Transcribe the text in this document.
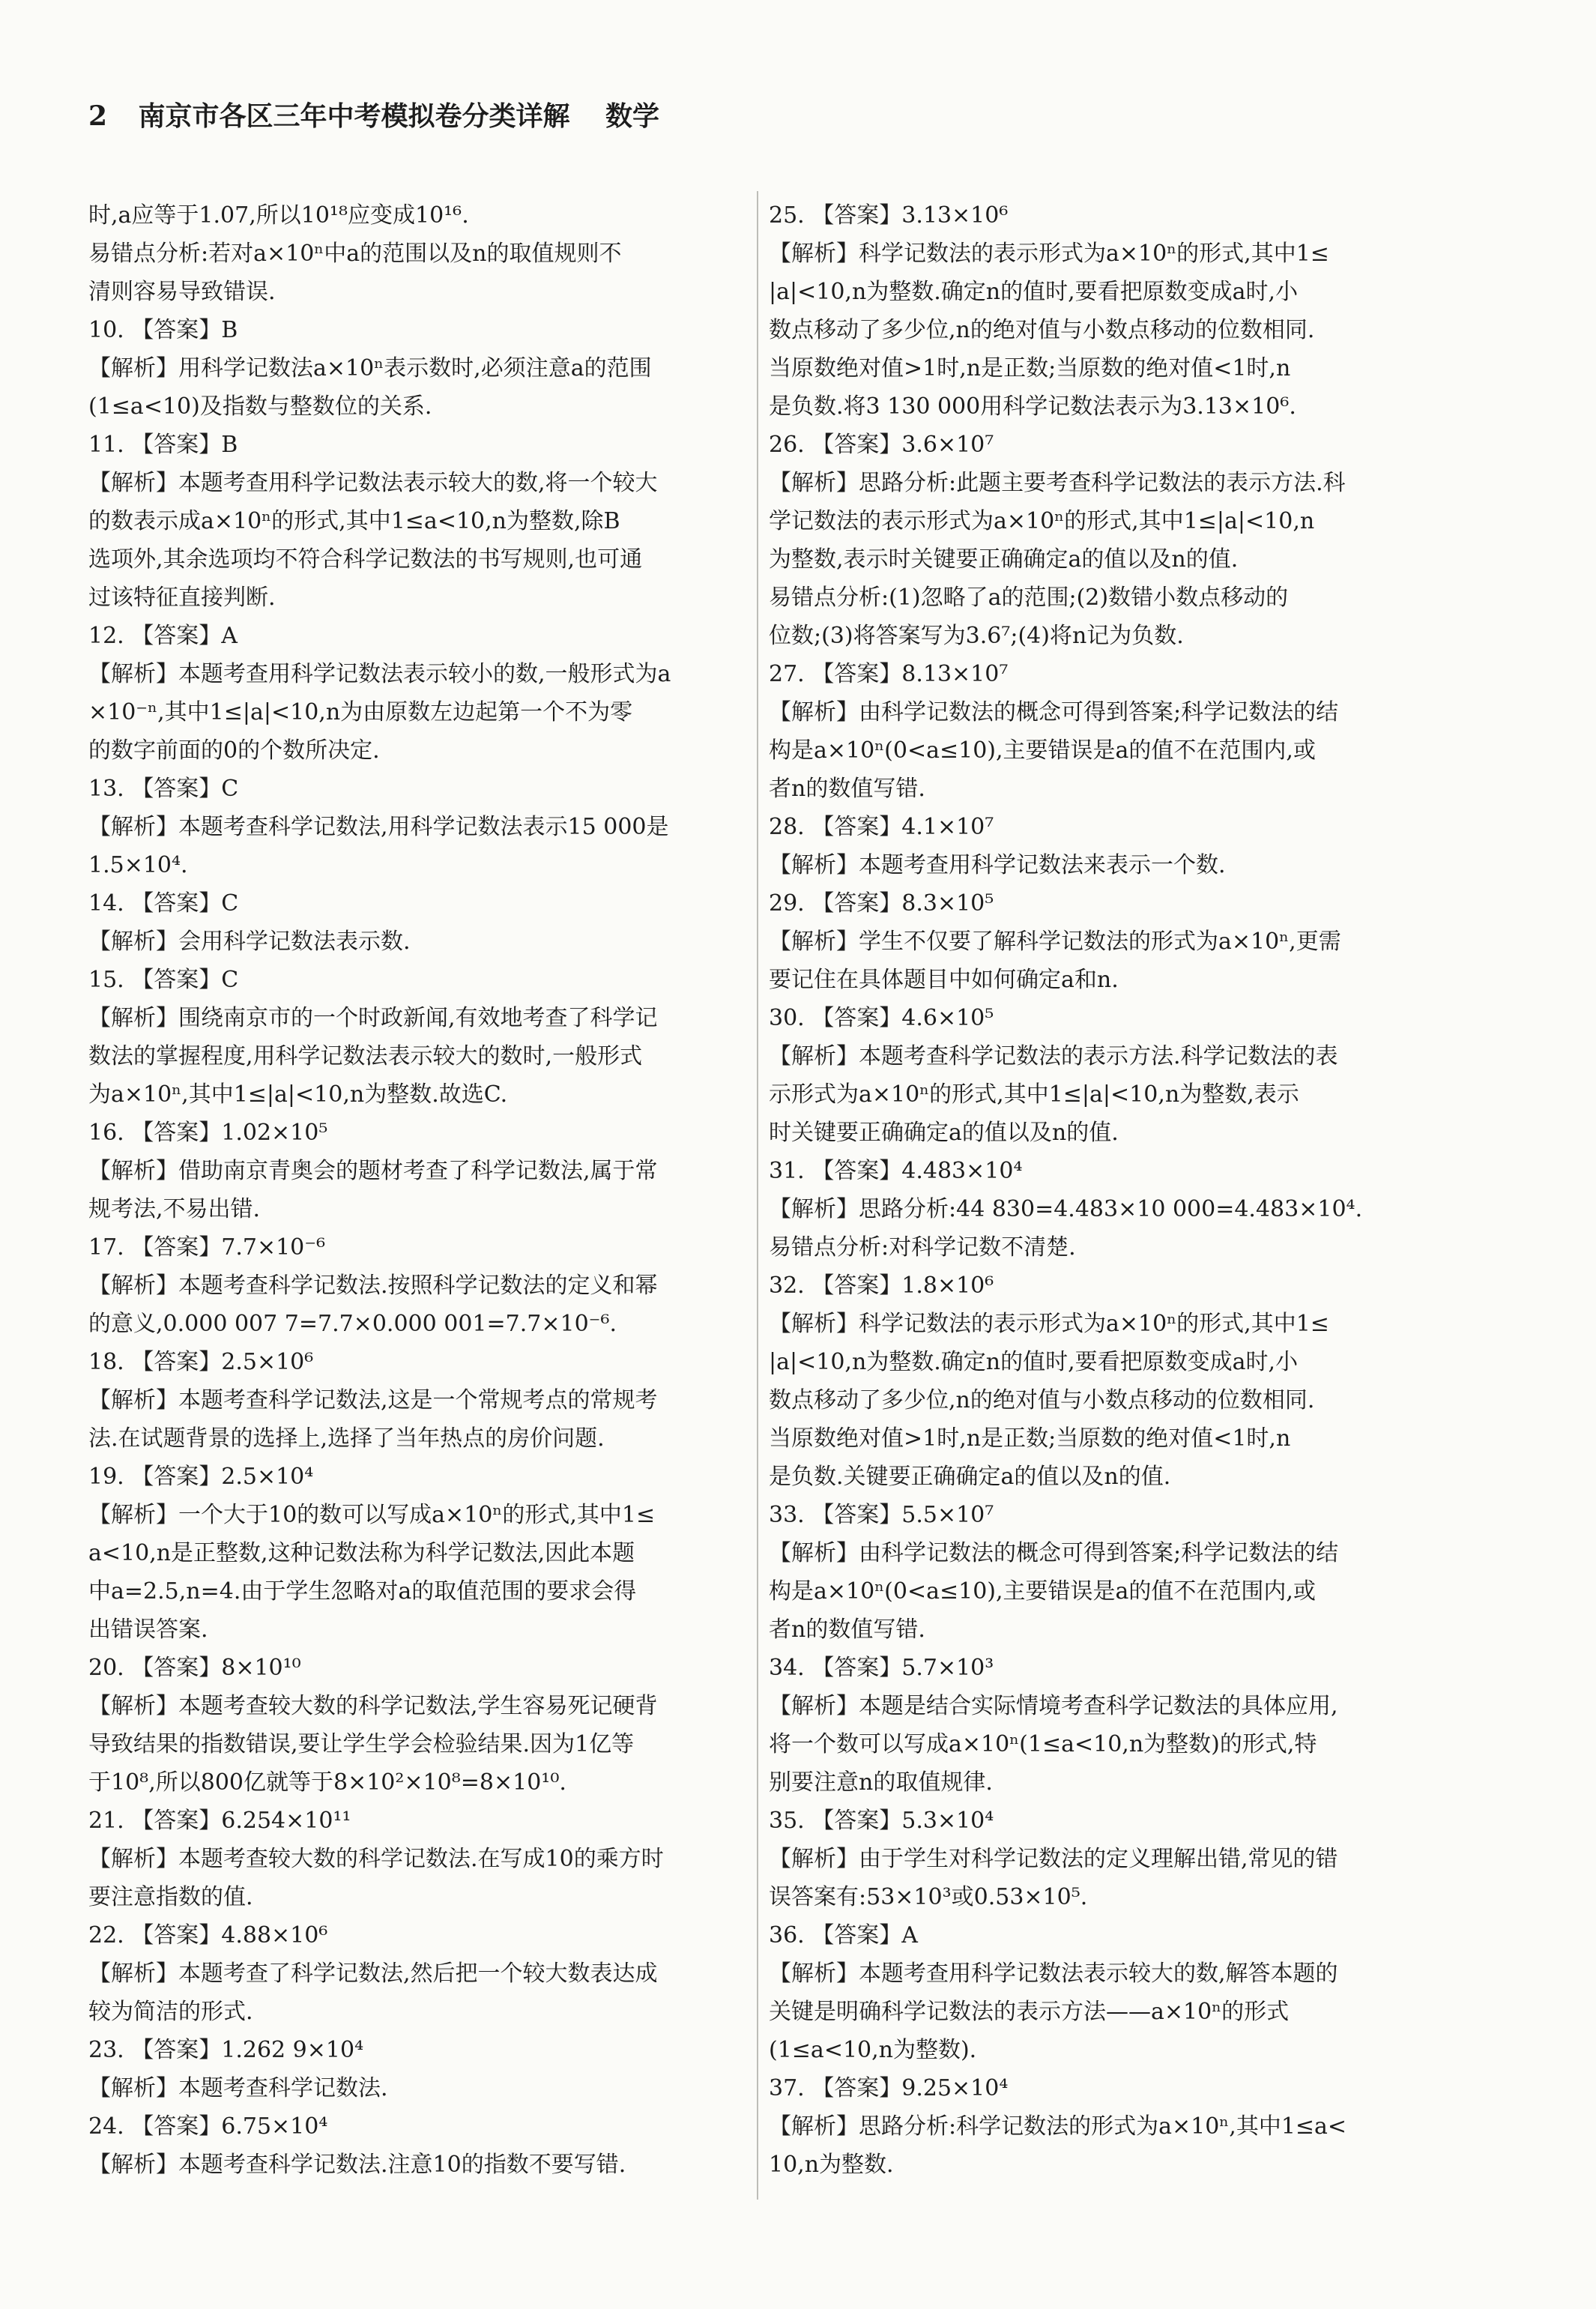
2 南京市各区三年中考模拟卷分类详解 数学
时,a应等于1.07,所以10¹⁸应变成10¹⁶.
易错点分析:若对a×10ⁿ中a的范围以及n的取值规则不
清则容易导致错误.
10. 【答案】B
【解析】用科学记数法a×10ⁿ表示数时,必须注意a的范围
(1≤a<10)及指数与整数位的关系.
11. 【答案】B
【解析】本题考查用科学记数法表示较大的数,将一个较大
的数表示成a×10ⁿ的形式,其中1≤a<10,n为整数,除B
选项外,其余选项均不符合科学记数法的书写规则,也可通
过该特征直接判断.
12. 【答案】A
【解析】本题考查用科学记数法表示较小的数,一般形式为a
×10⁻ⁿ,其中1≤|a|<10,n为由原数左边起第一个不为零
的数字前面的0的个数所决定.
13. 【答案】C
【解析】本题考查科学记数法,用科学记数法表示15 000是
1.5×10⁴.
14. 【答案】C
【解析】会用科学记数法表示数.
15. 【答案】C
【解析】围绕南京市的一个时政新闻,有效地考查了科学记
数法的掌握程度,用科学记数法表示较大的数时,一般形式
为a×10ⁿ,其中1≤|a|<10,n为整数.故选C.
16. 【答案】1.02×10⁵
【解析】借助南京青奥会的题材考查了科学记数法,属于常
规考法,不易出错.
17. 【答案】7.7×10⁻⁶
【解析】本题考查科学记数法.按照科学记数法的定义和幂
的意义,0.000 007 7=7.7×0.000 001=7.7×10⁻⁶.
18. 【答案】2.5×10⁶
【解析】本题考查科学记数法,这是一个常规考点的常规考
法.在试题背景的选择上,选择了当年热点的房价问题.
19. 【答案】2.5×10⁴
【解析】一个大于10的数可以写成a×10ⁿ的形式,其中1≤
a<10,n是正整数,这种记数法称为科学记数法,因此本题
中a=2.5,n=4.由于学生忽略对a的取值范围的要求会得
出错误答案.
20. 【答案】8×10¹⁰
【解析】本题考查较大数的科学记数法,学生容易死记硬背
导致结果的指数错误,要让学生学会检验结果.因为1亿等
于10⁸,所以800亿就等于8×10²×10⁸=8×10¹⁰.
21. 【答案】6.254×10¹¹
【解析】本题考查较大数的科学记数法.在写成10的乘方时
要注意指数的值.
22. 【答案】4.88×10⁶
【解析】本题考查了科学记数法,然后把一个较大数表达成
较为简洁的形式.
23. 【答案】1.262 9×10⁴
【解析】本题考查科学记数法.
24. 【答案】6.75×10⁴
【解析】本题考查科学记数法.注意10的指数不要写错.
25. 【答案】3.13×10⁶
【解析】科学记数法的表示形式为a×10ⁿ的形式,其中1≤
|a|<10,n为整数.确定n的值时,要看把原数变成a时,小
数点移动了多少位,n的绝对值与小数点移动的位数相同.
当原数绝对值>1时,n是正数;当原数的绝对值<1时,n
是负数.将3 130 000用科学记数法表示为3.13×10⁶.
26. 【答案】3.6×10⁷
【解析】思路分析:此题主要考查科学记数法的表示方法.科
学记数法的表示形式为a×10ⁿ的形式,其中1≤|a|<10,n
为整数,表示时关键要正确确定a的值以及n的值.
易错点分析:(1)忽略了a的范围;(2)数错小数点移动的
位数;(3)将答案写为3.6⁷;(4)将n记为负数.
27. 【答案】8.13×10⁷
【解析】由科学记数法的概念可得到答案;科学记数法的结
构是a×10ⁿ(0<a≤10),主要错误是a的值不在范围内,或
者n的数值写错.
28. 【答案】4.1×10⁷
【解析】本题考查用科学记数法来表示一个数.
29. 【答案】8.3×10⁵
【解析】学生不仅要了解科学记数法的形式为a×10ⁿ,更需
要记住在具体题目中如何确定a和n.
30. 【答案】4.6×10⁵
【解析】本题考查科学记数法的表示方法.科学记数法的表
示形式为a×10ⁿ的形式,其中1≤|a|<10,n为整数,表示
时关键要正确确定a的值以及n的值.
31. 【答案】4.483×10⁴
【解析】思路分析:44 830=4.483×10 000=4.483×10⁴.
易错点分析:对科学记数不清楚.
32. 【答案】1.8×10⁶
【解析】科学记数法的表示形式为a×10ⁿ的形式,其中1≤
|a|<10,n为整数.确定n的值时,要看把原数变成a时,小
数点移动了多少位,n的绝对值与小数点移动的位数相同.
当原数绝对值>1时,n是正数;当原数的绝对值<1时,n
是负数.关键要正确确定a的值以及n的值.
33. 【答案】5.5×10⁷
【解析】由科学记数法的概念可得到答案;科学记数法的结
构是a×10ⁿ(0<a≤10),主要错误是a的值不在范围内,或
者n的数值写错.
34. 【答案】5.7×10³
【解析】本题是结合实际情境考查科学记数法的具体应用,
将一个数可以写成a×10ⁿ(1≤a<10,n为整数)的形式,特
别要注意n的取值规律.
35. 【答案】5.3×10⁴
【解析】由于学生对科学记数法的定义理解出错,常见的错
误答案有:53×10³或0.53×10⁵.
36. 【答案】A
【解析】本题考查用科学记数法表示较大的数,解答本题的
关键是明确科学记数法的表示方法——a×10ⁿ的形式
(1≤a<10,n为整数).
37. 【答案】9.25×10⁴
【解析】思路分析:科学记数法的形式为a×10ⁿ,其中1≤a<
10,n为整数.
